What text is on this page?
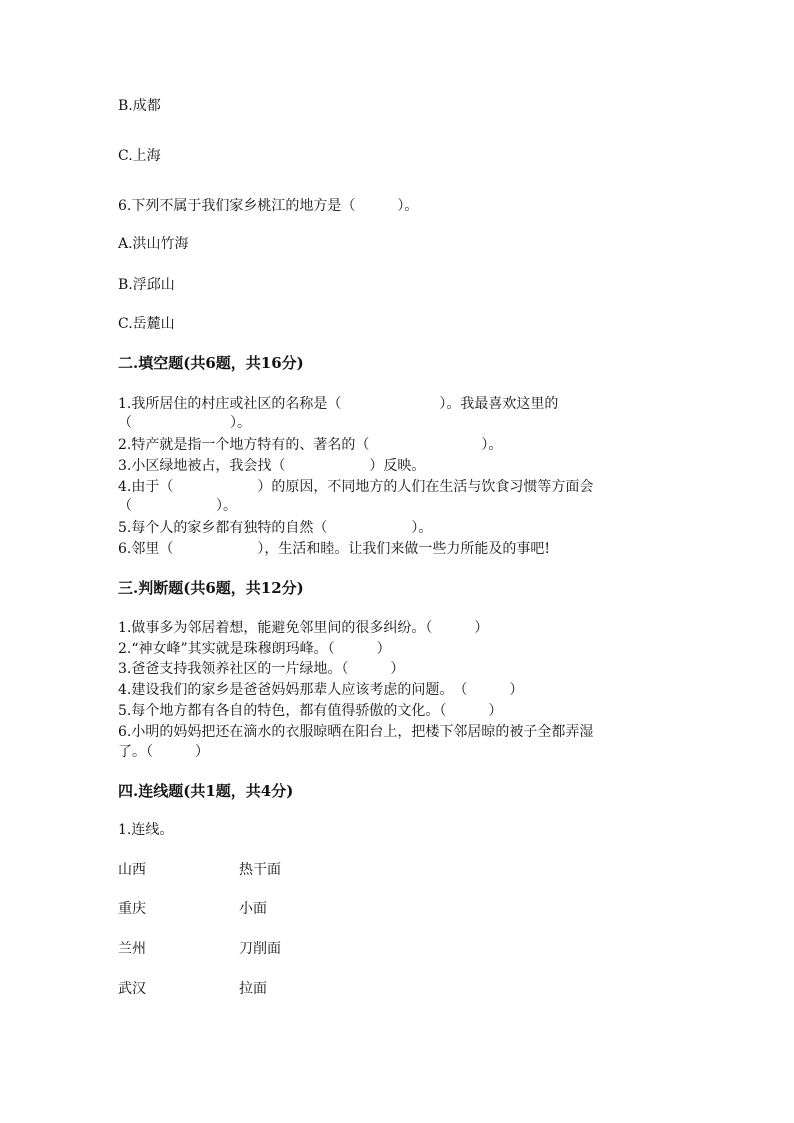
B.成都

C.上海

6.下列不属于我们家乡桃江的地方是（　　　）。

A.洪山竹海

B.浮邱山

C.岳麓山

二.填空题(共6题，共16分)

1.我所居住的村庄或社区的名称是（　　　　　　　）。我最喜欢这里的

（　　　　　　　）。

2.特产就是指一个地方特有的、著名的（　　　　　　　　）。

3.小区绿地被占，我会找（　　　　　　）反映。

4.由于（　　　　　　）的原因，不同地方的人们在生活与饮食习惯等方面会

（　　　　　　）。

5.每个人的家乡都有独特的自然（　　　　　　）。

6.邻里（　　　　　　），生活和睦。让我们来做一些力所能及的事吧!

三.判断题(共6题，共12分)

1.做事多为邻居着想，能避免邻里间的很多纠纷。（　　　）

2.“神女峰”其实就是珠穆朗玛峰。（　　　）

3.爸爸支持我领养社区的一片绿地。（　　　）

4.建设我们的家乡是爸爸妈妈那辈人应该考虑的问题。　（　　　）

5.每个地方都有各自的特色，都有值得骄傲的文化。（　　　）

6.小明的妈妈把还在滴水的衣服晾晒在阳台上，把楼下邻居晾的被子全都弄湿

了。（　　　）

四.连线题(共1题，共4分)

1.连线。

山西	热干面

重庆	小面

兰州	刀削面

武汉	拉面
